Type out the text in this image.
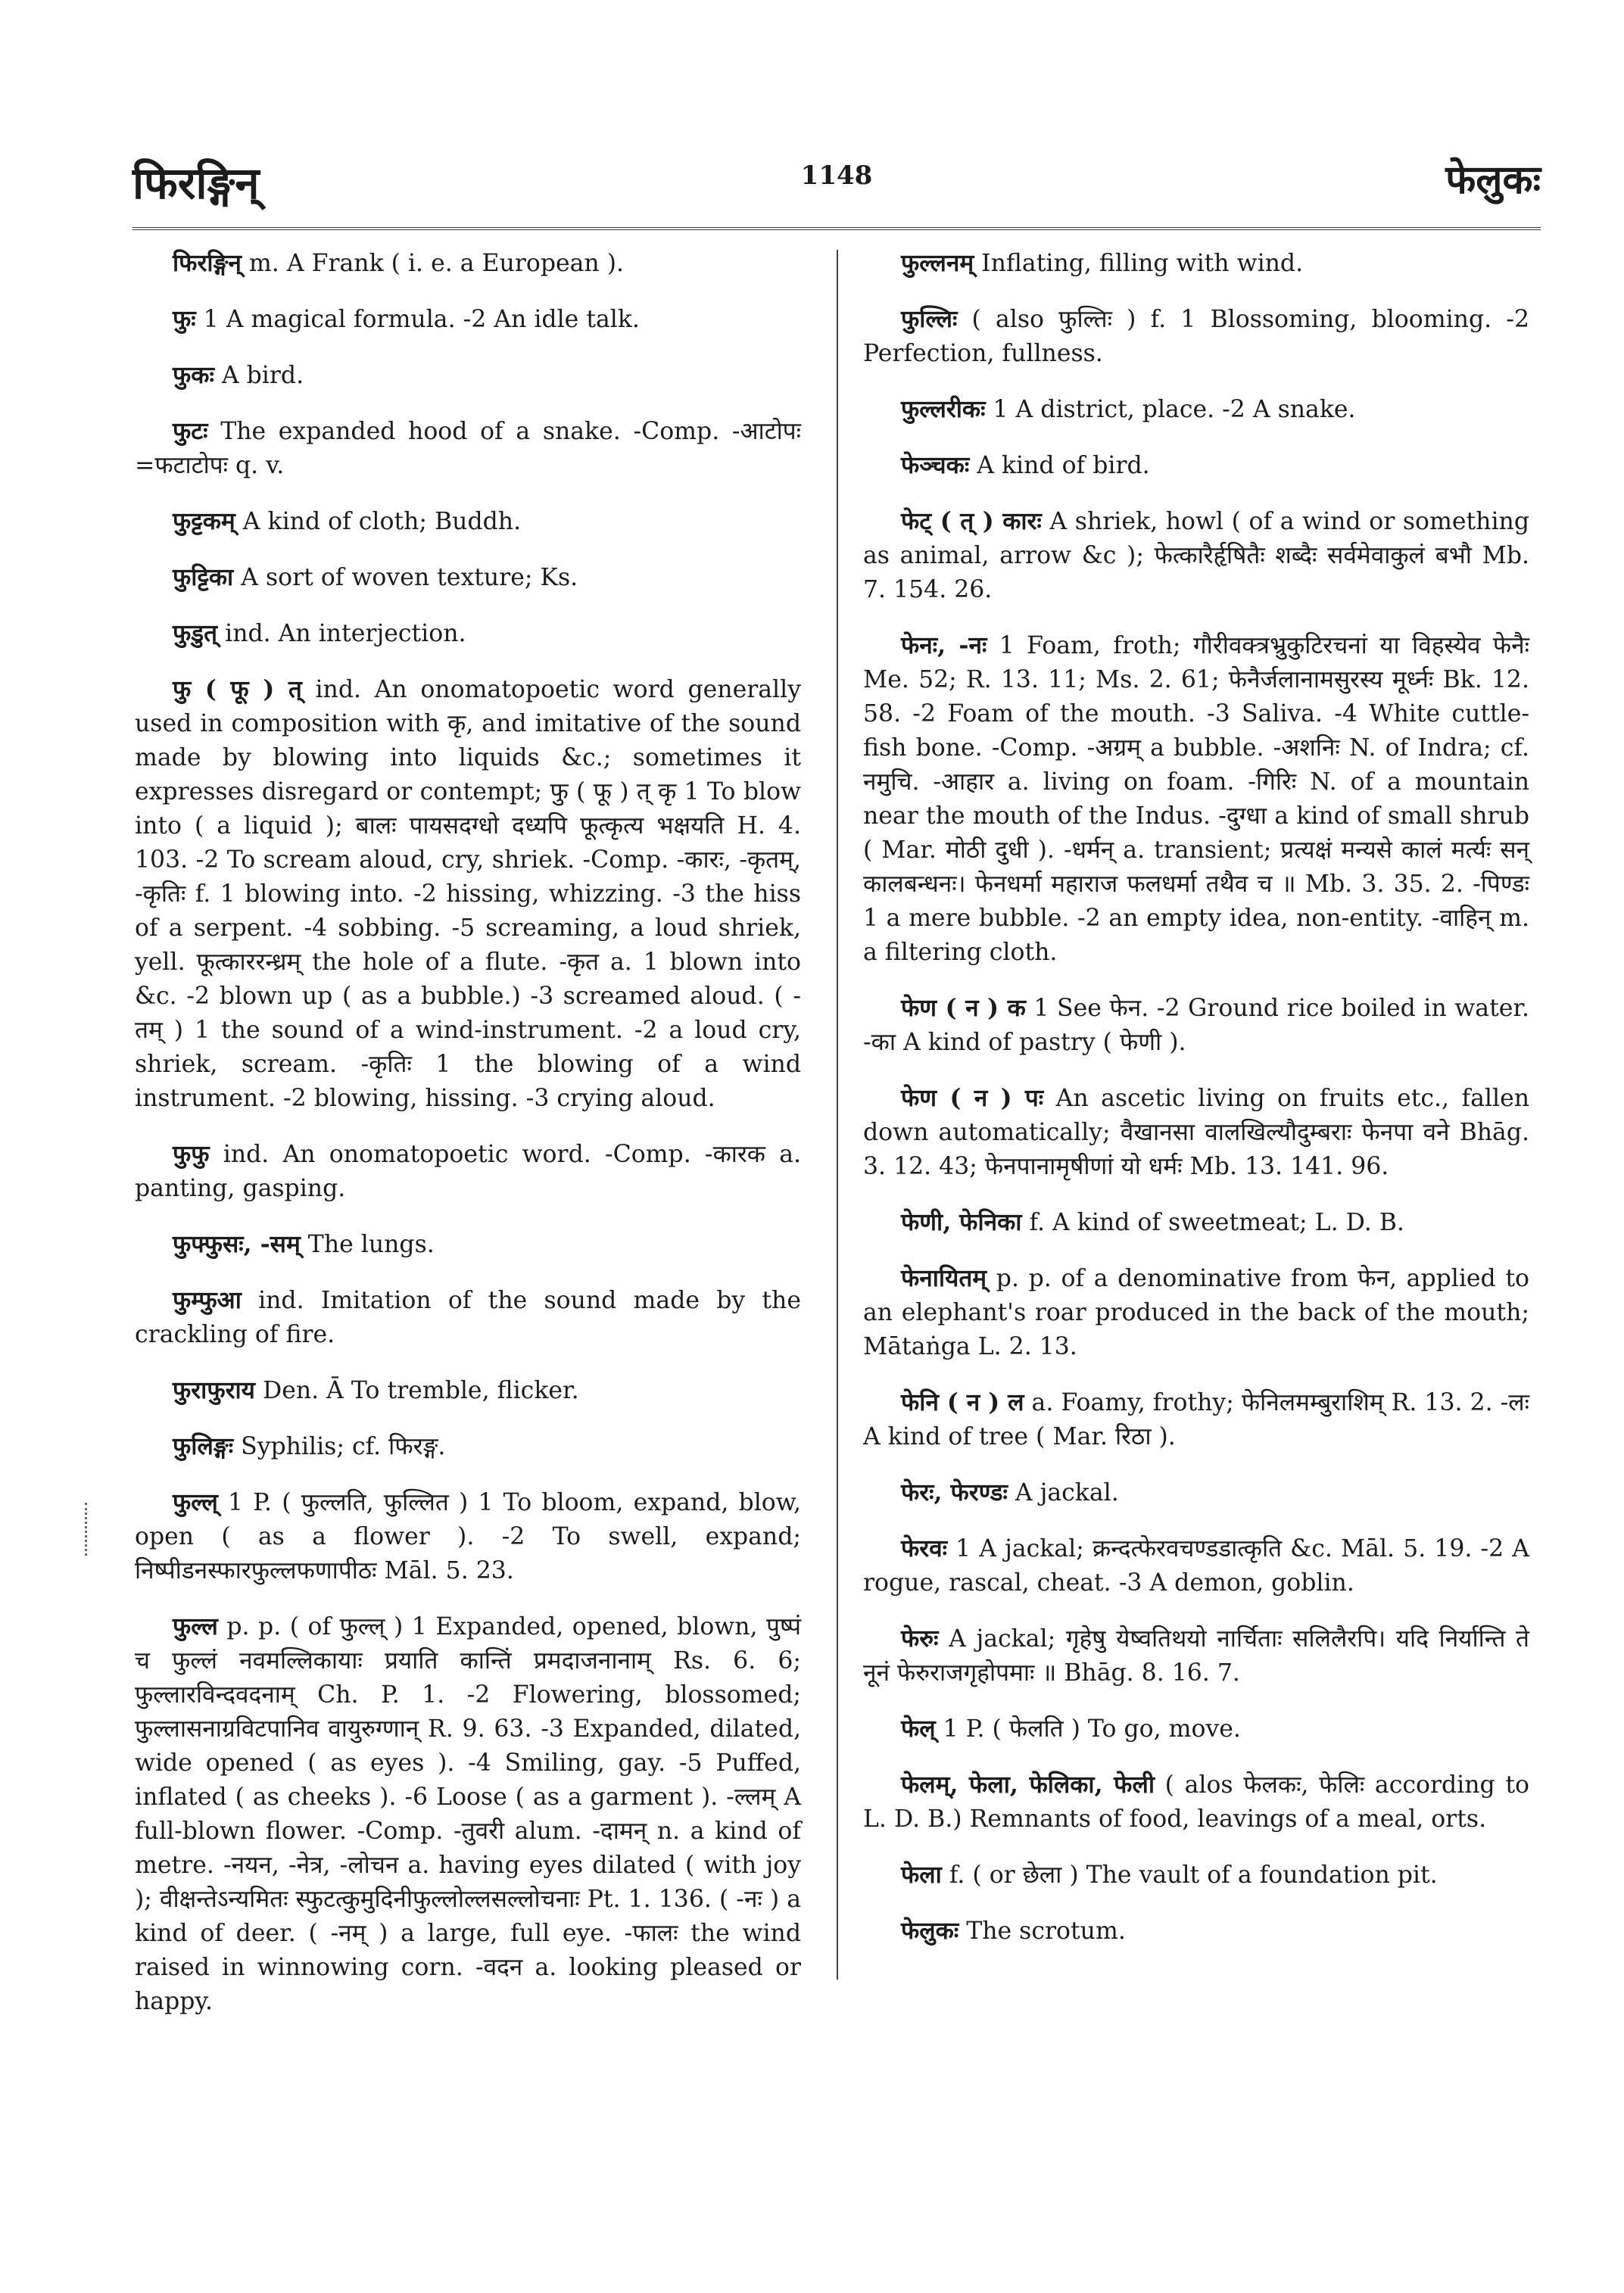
फिरङ्गिन्	1148	फेलुकः

फिरङ्गिन् m. A Frank ( i. e. a European ).

फुः 1 A magical formula. -2 An idle talk.

फुकः A bird.

फुटः The expanded hood of a snake. -Comp. -आटोपः =फटाटोपः q. v.

फुट्टकम् A kind of cloth; Buddh.

फुट्टिका A sort of woven texture; Ks.

फुडुत् ind. An interjection.

फु ( फू ) त् ind. An onomatopoetic word generally used in composition with कृ, and imitative of the sound made by blowing into liquids &c.; sometimes it expresses disregard or contempt; फु ( फू ) त् कृ 1 To blow into ( a liquid ); बालः पायसदग्धो दध्यपि फूत्कृत्य भक्षयति H. 4. 103. -2 To scream aloud, cry, shriek. -Comp. -कारः, -कृतम्, -कृतिः f. 1 blowing into. -2 hissing, whizzing. -3 the hiss of a serpent. -4 sobbing. -5 screaming, a loud shriek, yell. फूत्काररन्ध्रम् the hole of a flute. -कृत a. 1 blown into &c. -2 blown up ( as a bubble.) -3 screamed aloud. ( -तम् ) 1 the sound of a wind-instrument. -2 a loud cry, shriek, scream. -कृतिः 1 the blowing of a wind instrument. -2 blowing, hissing. -3 crying aloud.

फुफु ind. An onomatopoetic word. -Comp. -कारक a. panting, gasping.

फुफ्फुसः, -सम् The lungs.

फुम्फुआ ind. Imitation of the sound made by the crackling of fire.

फुराफुराय Den. Ā To tremble, flicker.

फुलिङ्गः Syphilis; cf. फिरङ्ग.

फुल्ल् 1 P. ( फुल्लति, फुल्लित ) 1 To bloom, expand, blow, open ( as a flower ). -2 To swell, expand; निष्पीडनस्फारफुल्लफणापीठः Māl. 5. 23.

फुल्ल p. p. ( of फुल्ल् ) 1 Expanded, opened, blown, पुष्पं च फुल्लं नवमल्लिकायाः प्रयाति कान्तिं प्रमदाजनानाम् Rs. 6. 6; फुल्लारविन्दवदनाम् Ch. P. 1. -2 Flowering, blossomed; फुल्लासनाग्रविटपानिव वायुरुग्णान् R. 9. 63. -3 Expanded, dilated, wide opened ( as eyes ). -4 Smiling, gay. -5 Puffed, inflated ( as cheeks ). -6 Loose ( as a garment ). -ल्लम् A full-blown flower. -Comp. -तुवरी alum. -दामन् n. a kind of metre. -नयन, -नेत्र, -लोचन a. having eyes dilated ( with joy ); वीक्षन्तेऽन्यमितः स्फुटत्कुमुदिनीफुल्लोल्लसल्लोचनाः Pt. 1. 136. ( -नः ) a kind of deer. ( -नम् ) a large, full eye. -फालः the wind raised in winnowing corn. -वदन a. looking pleased or happy.

फुल्लनम् Inflating, filling with wind.

फुल्लिः ( also फुल्तिः ) f. 1 Blossoming, blooming. -2 Perfection, fullness.

फुल्लरीकः 1 A district, place. -2 A snake.

फेञ्चकः A kind of bird.

फेट् ( त् ) कारः A shriek, howl ( of a wind or something as animal, arrow &c ); फेत्कारैर्हृषितैः शब्दैः सर्वमेवाकुलं बभौ Mb. 7. 154. 26.

फेनः, -नः 1 Foam, froth; गौरीवक्त्रभ्रुकुटिरचनां या विहस्येव फेनैः Me. 52; R. 13. 11; Ms. 2. 61; फेनैर्जलानामसुरस्य मूर्ध्नः Bk. 12. 58. -2 Foam of the mouth. -3 Saliva. -4 White cuttle-fish bone. -Comp. -अग्रम् a bubble. -अशनिः N. of Indra; cf. नमुचि. -आहार a. living on foam. -गिरिः N. of a mountain near the mouth of the Indus. -दुग्धा a kind of small shrub ( Mar. मोठी दुधी ). -धर्मन् a. transient; प्रत्यक्षं मन्यसे कालं मर्त्यः सन् कालबन्धनः। फेनधर्मा महाराज फलधर्मा तथैव च ॥ Mb. 3. 35. 2. -पिण्डः 1 a mere bubble. -2 an empty idea, non-entity. -वाहिन् m. a filtering cloth.

फेण ( न ) क 1 See फेन. -2 Ground rice boiled in water. -का A kind of pastry ( फेणी ).

फेण ( न ) पः An ascetic living on fruits etc., fallen down automatically; वैखानसा वालखिल्यौदुम्बराः फेनपा वने Bhāg. 3. 12. 43; फेनपानामृषीणां यो धर्मः Mb. 13. 141. 96.

फेणी, फेनिका f. A kind of sweetmeat; L. D. B.

फेनायितम् p. p. of a denominative from फेन, applied to an elephant's roar produced in the back of the mouth; Mātaṅga L. 2. 13.

फेनि ( न ) ल a. Foamy, frothy; फेनिलमम्बुराशिम् R. 13. 2. -लः A kind of tree ( Mar. रिठा ).

फेरः, फेरण्डः A jackal.

फेरवः 1 A jackal; क्रन्दत्फेरवचण्डडात्कृति &c. Māl. 5. 19. -2 A rogue, rascal, cheat. -3 A demon, goblin.

फेरुः A jackal; गृहेषु येष्वतिथयो नार्चिताः सलिलैरपि। यदि निर्यान्ति ते नूनं फेरुराजगृहोपमाः ॥ Bhāg. 8. 16. 7.

फेल् 1 P. ( फेलति ) To go, move.

फेलम्, फेला, फेलिका, फेली ( alos फेलकः, फेलिः according to L. D. B.) Remnants of food, leavings of a meal, orts.

फेला f. ( or छेला ) The vault of a foundation pit.

फेलुकः The scrotum.
